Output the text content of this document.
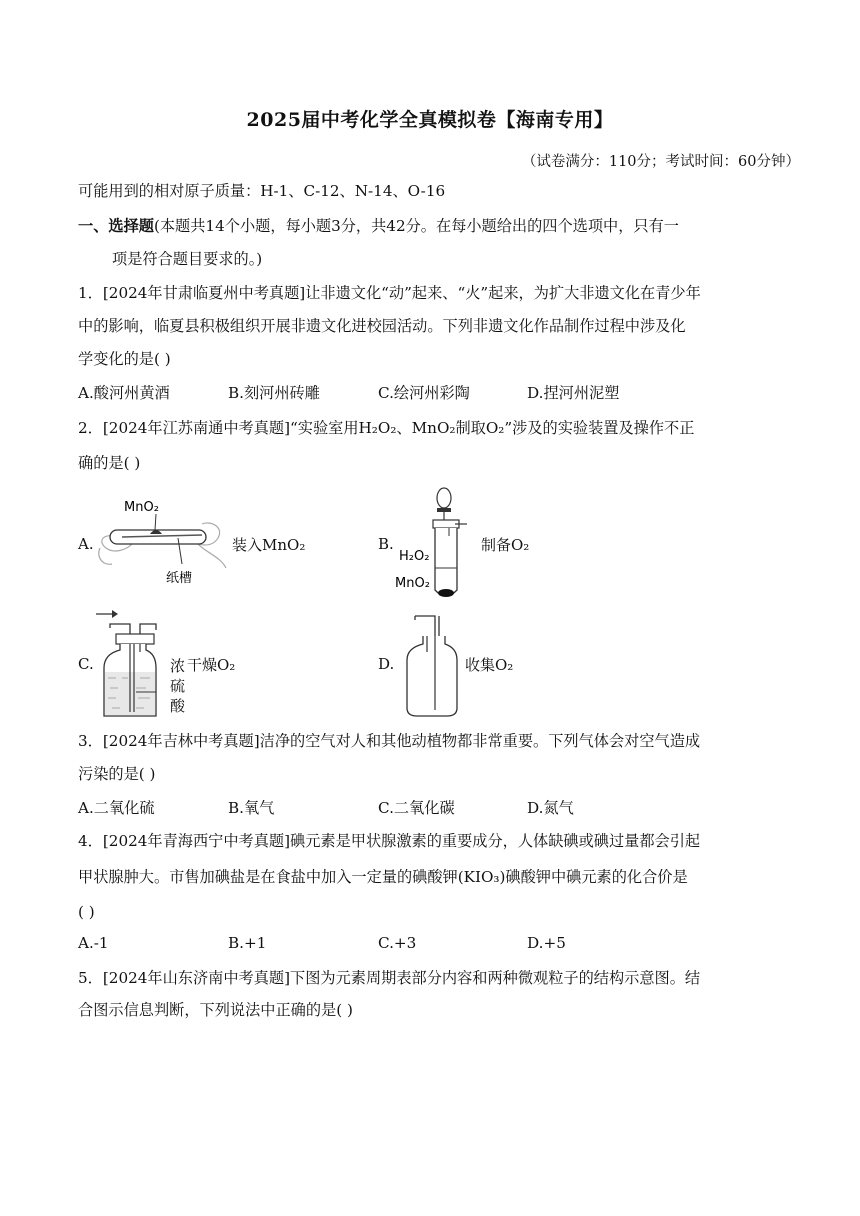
2025届中考化学全真模拟卷【海南专用】
（试卷满分：110分；考试时间：60分钟）
可能用到的相对原子质量：H-1、C-12、N-14、O-16
一、选择题(本题共14个小题，每小题3分，共42分。在每小题给出的四个选项中，只有一
项是符合题目要求的。)
1．[2024年甘肃临夏州中考真题]让非遗文化“动”起来、“火”起来，为扩大非遗文化在青少年
中的影响，临夏县积极组织开展非遗文化进校园活动。下列非遗文化作品制作过程中涉及化
学变化的是( )
A.酸河州黄酒	B.刻河州砖雕	C.绘河州彩陶	D.捏河州泥塑
2．[2024年江苏南通中考真题]“实验室用H₂O₂、MnO₂制取O₂”涉及的实验装置及操作不正
确的是( )
A.
MnO₂
纸槽
装入MnO₂	B.
H₂O₂
MnO₂
制备O₂
C.	浓
硫
酸
干燥O₂	D.	收集O₂
3．[2024年吉林中考真题]洁净的空气对人和其他动植物都非常重要。下列气体会对空气造成
污染的是( )
A.二氧化硫	B.氧气	C.二氧化碳	D.氮气
4．[2024年青海西宁中考真题]碘元素是甲状腺激素的重要成分，人体缺碘或碘过量都会引起
甲状腺肿大。市售加碘盐是在食盐中加入一定量的碘酸钾(KIO₃)碘酸钾中碘元素的化合价是
( )
A.-1	B.+1	C.+3	D.+5
5．[2024年山东济南中考真题]下图为元素周期表部分内容和两种微观粒子的结构示意图。结
合图示信息判断，下列说法中正确的是( )
